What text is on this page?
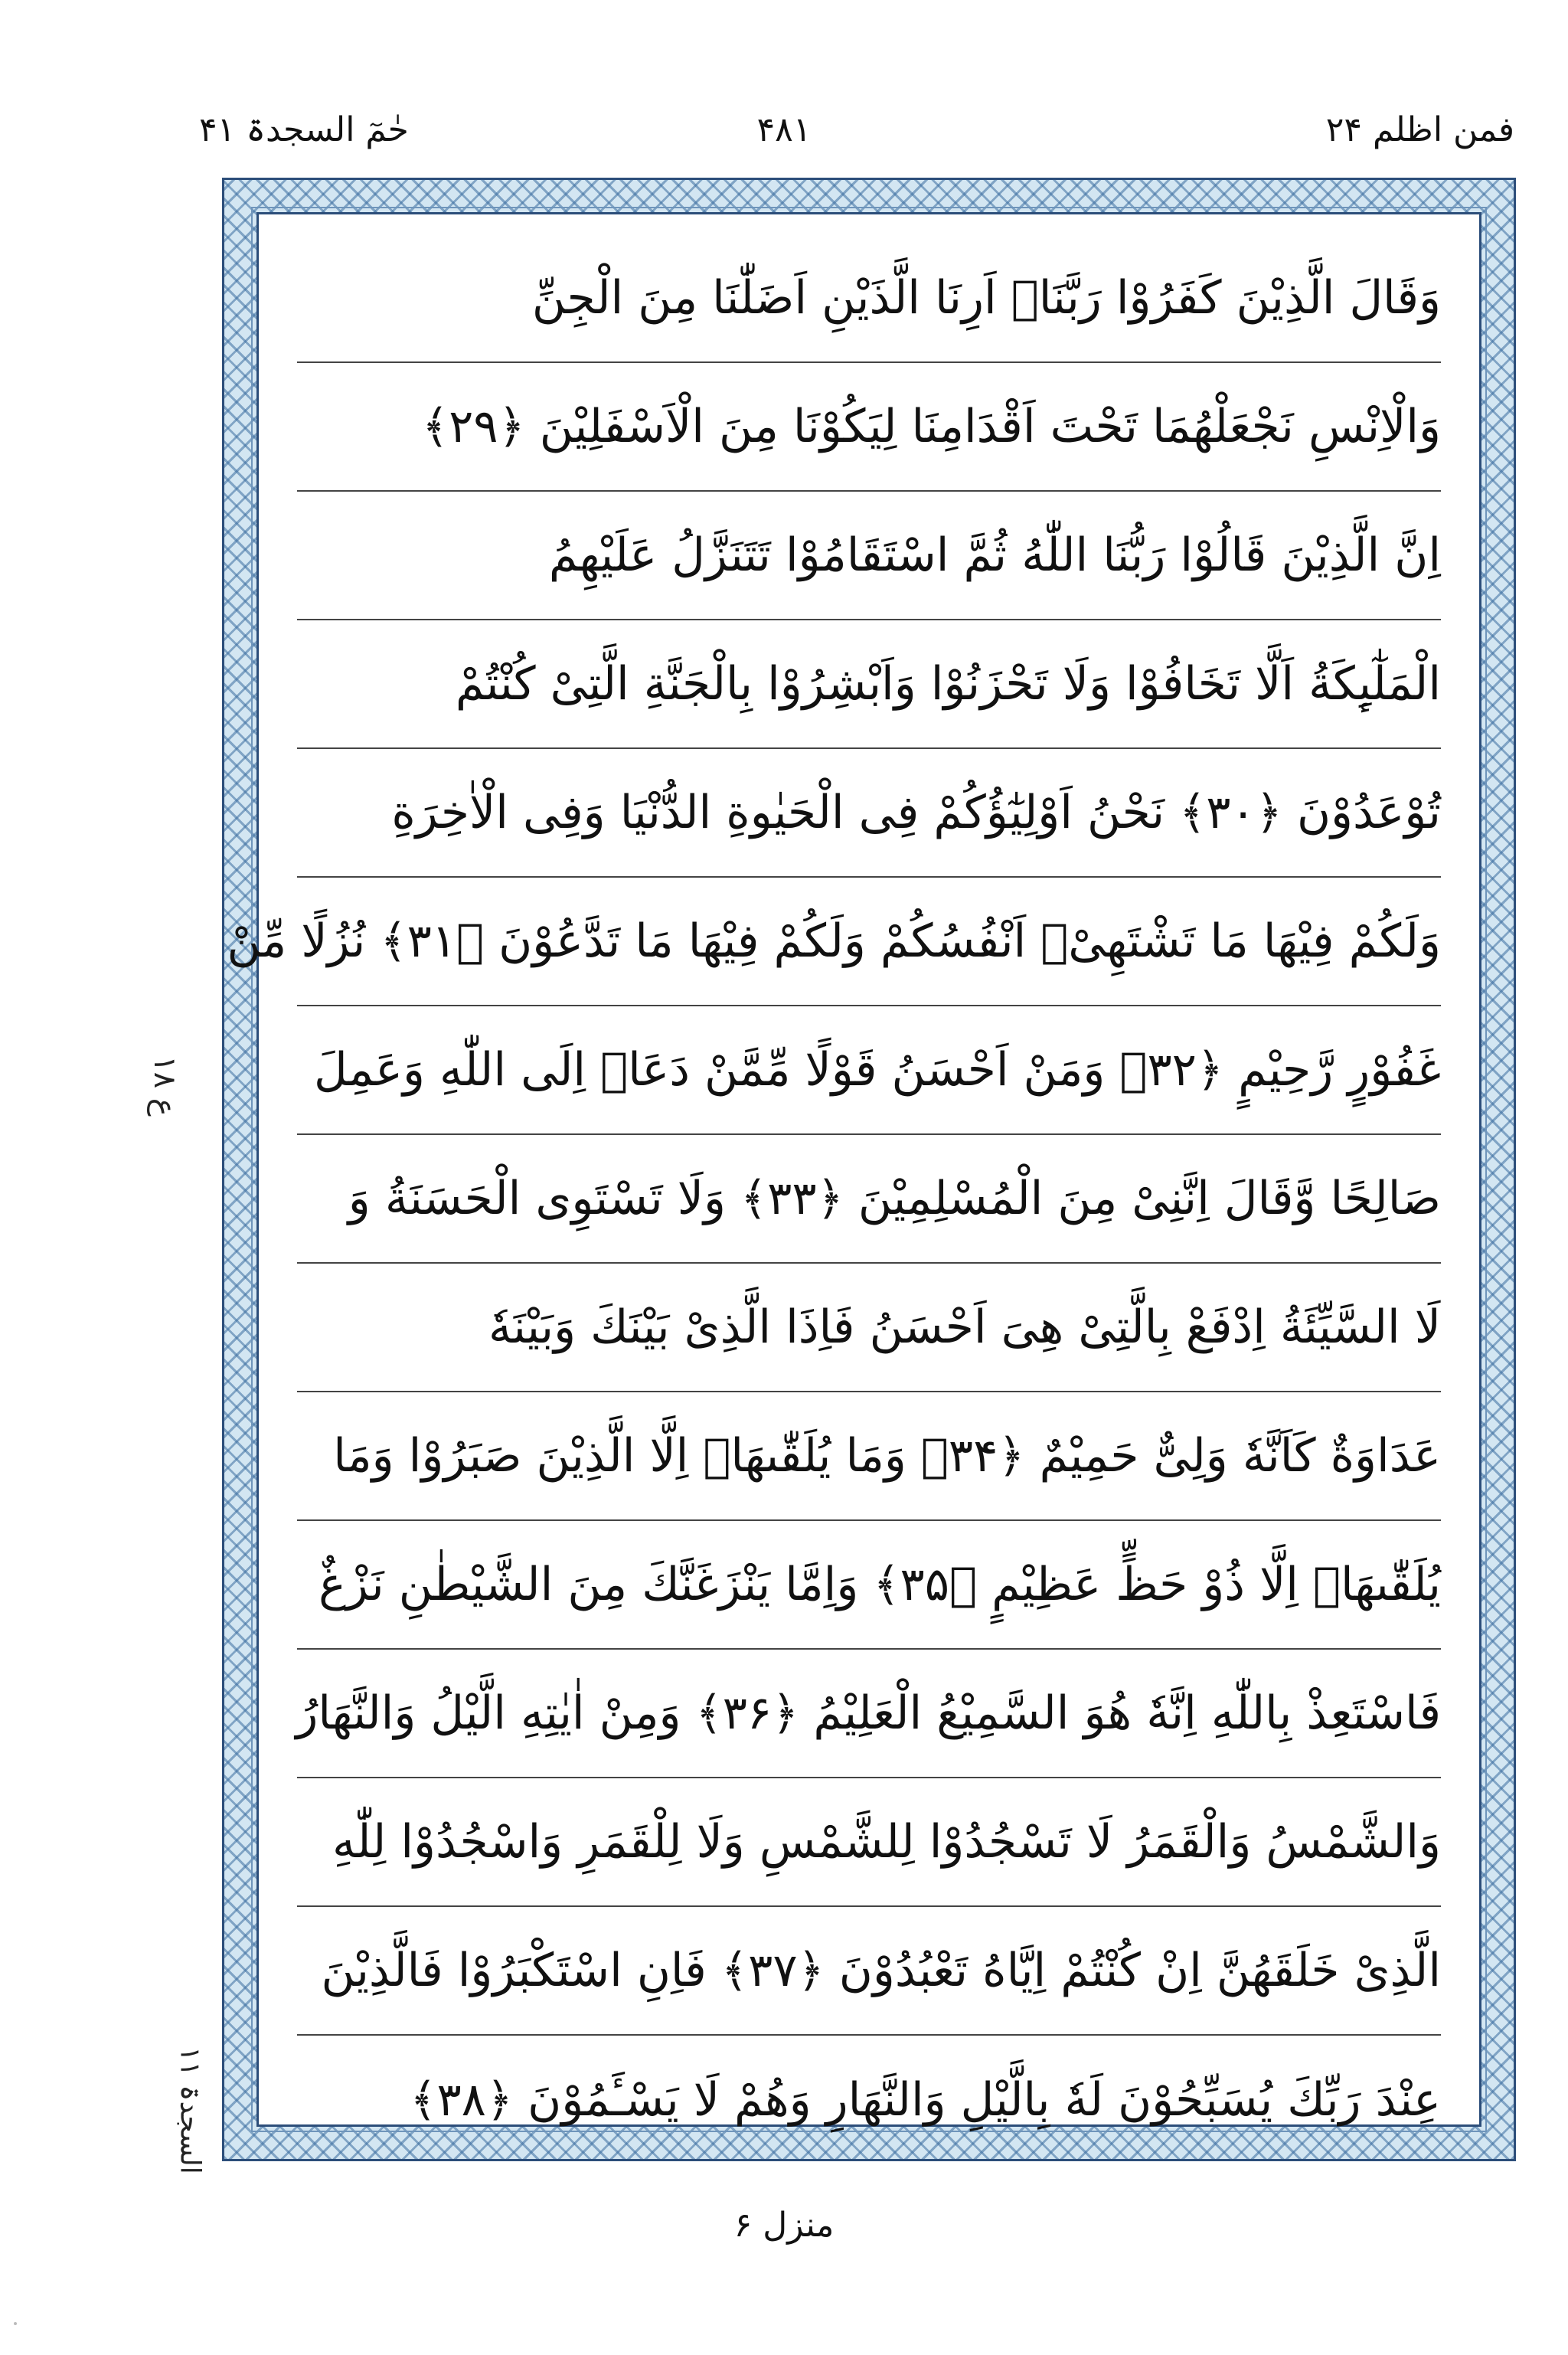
فمن اظلم ۲۴
۴۸۱
حٰمٓ السجدۃ ۴۱
وَقَالَ الَّذِیْنَ كَفَرُوْا رَبَّنَاۤ اَرِنَا الَّذَیْنِ اَضَلّٰنَا مِنَ الْجِنِّ
وَالْاِنْسِ نَجْعَلْهُمَا تَحْتَ اَقْدَامِنَا لِیَكُوْنَا مِنَ الْاَسْفَلِیْنَ ﴿۲۹﴾
اِنَّ الَّذِیْنَ قَالُوْا رَبُّنَا اللّٰهُ ثُمَّ اسْتَقَامُوْا تَتَنَزَّلُ عَلَیْهِمُ
الْمَلٰٓىِٕكَةُ اَلَّا تَخَافُوْا وَلَا تَحْزَنُوْا وَاَبْشِرُوْا بِالْجَنَّةِ الَّتِیْ كُنْتُمْ
تُوْعَدُوْنَ ﴿۳۰﴾ نَحْنُ اَوْلِیٰٓؤُكُمْ فِی الْحَیٰوةِ الدُّنْیَا وَفِی الْاٰخِرَةِ
وَلَكُمْ فِیْهَا مَا تَشْتَهِیْۤ اَنْفُسُكُمْ وَلَكُمْ فِیْهَا مَا تَدَّعُوْنَ ﴿۳۱﴾ نُزُلًا مِّنْ
غَفُوْرٍ رَّحِیْمٍ ﴿۳۲﴾ وَمَنْ اَحْسَنُ قَوْلًا مِّمَّنْ دَعَاۤ اِلَى اللّٰهِ وَعَمِلَ
صَالِحًا وَّقَالَ اِنَّنِیْ مِنَ الْمُسْلِمِیْنَ ﴿۳۳﴾ وَلَا تَسْتَوِی الْحَسَنَةُ وَ
لَا السَّیِّئَةُ اِدْفَعْ بِالَّتِیْ هِیَ اَحْسَنُ فَاِذَا الَّذِیْ بَیْنَكَ وَبَیْنَهٗ
عَدَاوَةٌ كَاَنَّهٗ وَلِیٌّ حَمِیْمٌ ﴿۳۴﴾ وَمَا یُلَقّٰىهَاۤ اِلَّا الَّذِیْنَ صَبَرُوْا وَمَا
یُلَقّٰىهَاۤ اِلَّا ذُوْ حَظٍّ عَظِیْمٍ ﴿۳۵﴾ وَاِمَّا یَنْزَغَنَّكَ مِنَ الشَّیْطٰنِ نَزْغٌ
فَاسْتَعِذْ بِاللّٰهِ اِنَّهٗ هُوَ السَّمِیْعُ الْعَلِیْمُ ﴿۳۶﴾ وَمِنْ اٰیٰتِهِ الَّیْلُ وَالنَّهَارُ
وَالشَّمْسُ وَالْقَمَرُ لَا تَسْجُدُوْا لِلشَّمْسِ وَلَا لِلْقَمَرِ وَاسْجُدُوْا لِلّٰهِ
الَّذِیْ خَلَقَهُنَّ اِنْ كُنْتُمْ اِیَّاهُ تَعْبُدُوْنَ ﴿۳۷﴾ فَاِنِ اسْتَكْبَرُوْا فَالَّذِیْنَ
عِنْدَ رَبِّكَ یُسَبِّحُوْنَ لَهٗ بِالَّیْلِ وَالنَّهَارِ وَهُمْ لَا یَسْـَٔمُوْنَ ﴿۳۸﴾
ع ۱۸
السجدۃ ۱۱
منزل ۶
